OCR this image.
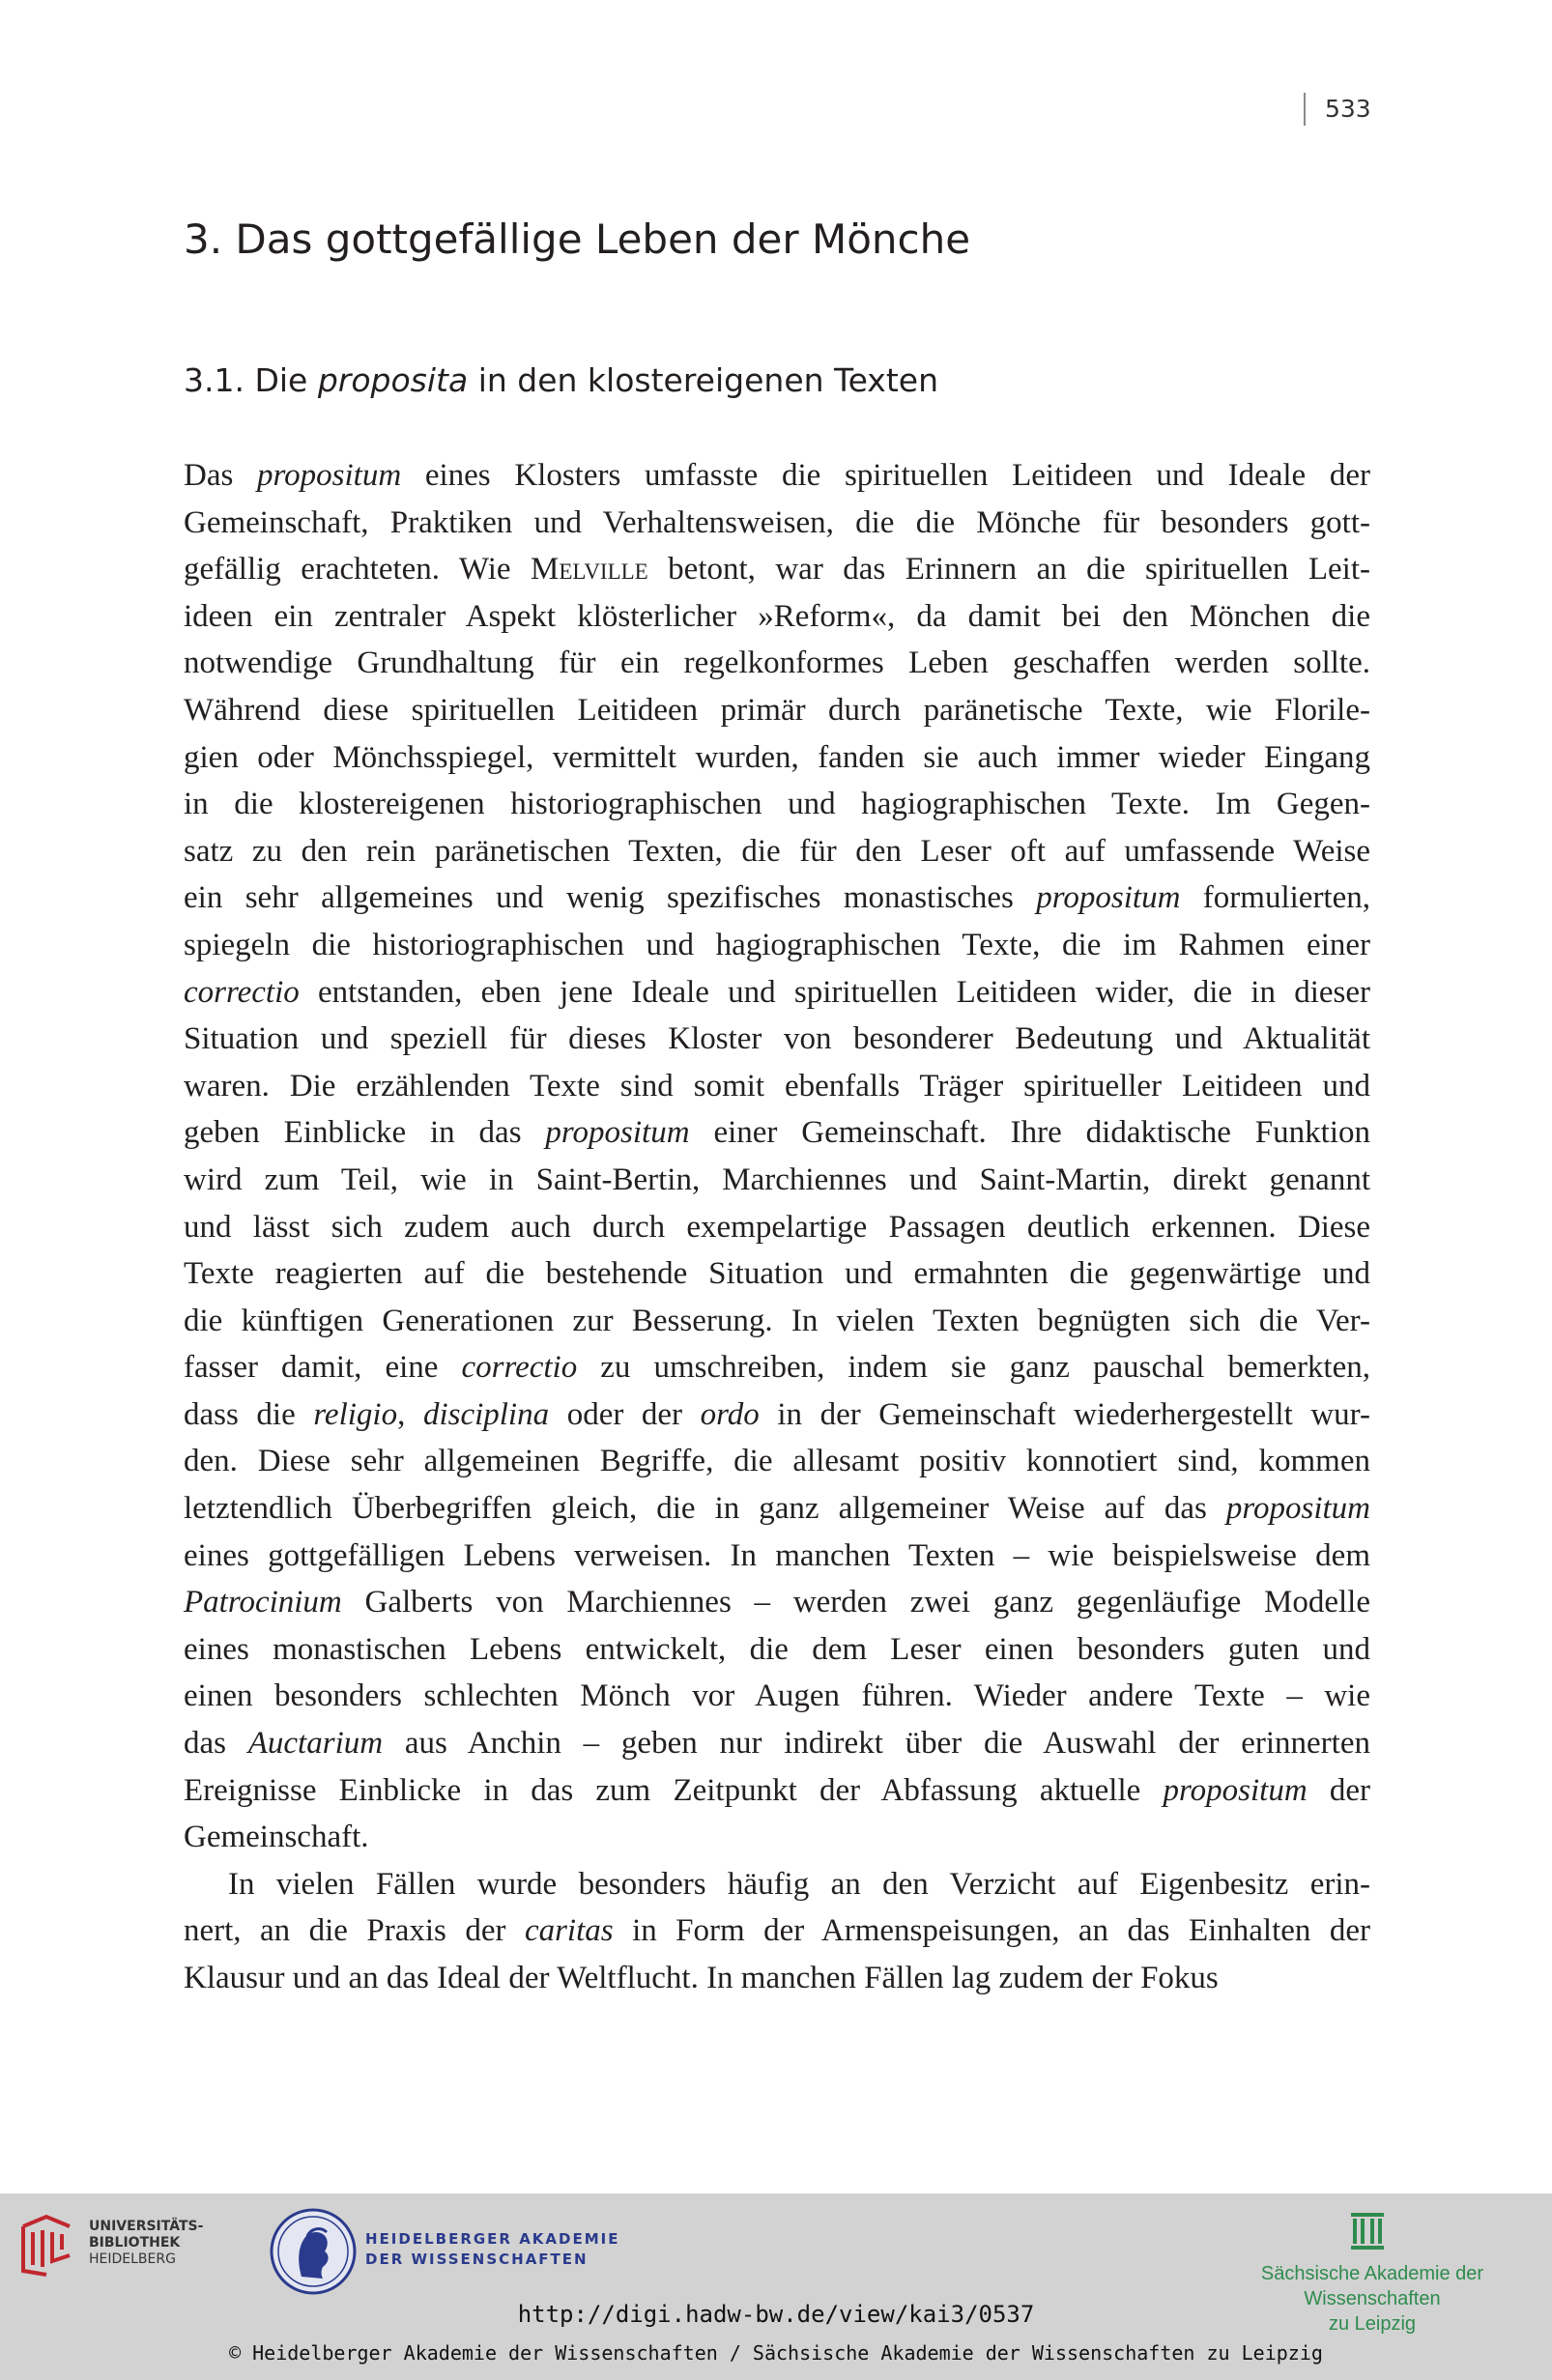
533
3. Das gottgefällige Leben der Mönche
3.1. Die proposita in den klostereigenen Texten
Das propositum eines Klosters umfasste die spirituellen Leitideen und Ideale der
Gemeinschaft, Praktiken und Verhaltensweisen, die die Mönche für besonders gott-
gefällig erachteten. Wie Melville betont, war das Erinnern an die spirituellen Leit-
ideen ein zentraler Aspekt klösterlicher »Reform«, da damit bei den Mönchen die
notwendige Grundhaltung für ein regelkonformes Leben geschaffen werden sollte.
Während diese spirituellen Leitideen primär durch paränetische Texte, wie Florile-
gien oder Mönchsspiegel, vermittelt wurden, fanden sie auch immer wieder Eingang
in die klostereigenen historiographischen und hagiographischen Texte. Im Gegen-
satz zu den rein paränetischen Texten, die für den Leser oft auf umfassende Weise
ein sehr allgemeines und wenig spezifisches monastisches propositum formulierten,
spiegeln die historiographischen und hagiographischen Texte, die im Rahmen einer
correctio entstanden, eben jene Ideale und spirituellen Leitideen wider, die in dieser
Situation und speziell für dieses Kloster von besonderer Bedeutung und Aktualität
waren. Die erzählenden Texte sind somit ebenfalls Träger spiritueller Leitideen und
geben Einblicke in das propositum einer Gemeinschaft. Ihre didaktische Funktion
wird zum Teil, wie in Saint-Bertin, Marchiennes und Saint-Martin, direkt genannt
und lässt sich zudem auch durch exempelartige Passagen deutlich erkennen. Diese
Texte reagierten auf die bestehende Situation und ermahnten die gegenwärtige und
die künftigen Generationen zur Besserung. In vielen Texten begnügten sich die Ver-
fasser damit, eine correctio zu umschreiben, indem sie ganz pauschal bemerkten,
dass die religio, disciplina oder der ordo in der Gemeinschaft wiederhergestellt wur-
den. Diese sehr allgemeinen Begriffe, die allesamt positiv konnotiert sind, kommen
letztendlich Überbegriffen gleich, die in ganz allgemeiner Weise auf das propositum
eines gottgefälligen Lebens verweisen. In manchen Texten – wie beispielsweise dem
Patrocinium Galberts von Marchiennes – werden zwei ganz gegenläufige Modelle
eines monastischen Lebens entwickelt, die dem Leser einen besonders guten und
einen besonders schlechten Mönch vor Augen führen. Wieder andere Texte – wie
das Auctarium aus Anchin – geben nur indirekt über die Auswahl der erinnerten
Ereignisse Einblicke in das zum Zeitpunkt der Abfassung aktuelle propositum der
Gemeinschaft.
In vielen Fällen wurde besonders häufig an den Verzicht auf Eigenbesitz erin-
nert, an die Praxis der caritas in Form der Armenspeisungen, an das Einhalten der
Klausur und an das Ideal der Weltflucht. In manchen Fällen lag zudem der Fokus
UNIVERSITÄTS-
BIBLIOTHEK
HEIDELBERG
HEIDELBERGER AKADEMIE
DER WISSENSCHAFTEN
Sächsische Akademie der Wissenschaften
zu Leipzig
http://digi.hadw-bw.de/view/kai3/0537
© Heidelberger Akademie der Wissenschaften / Sächsische Akademie der Wissenschaften zu Leipzig
